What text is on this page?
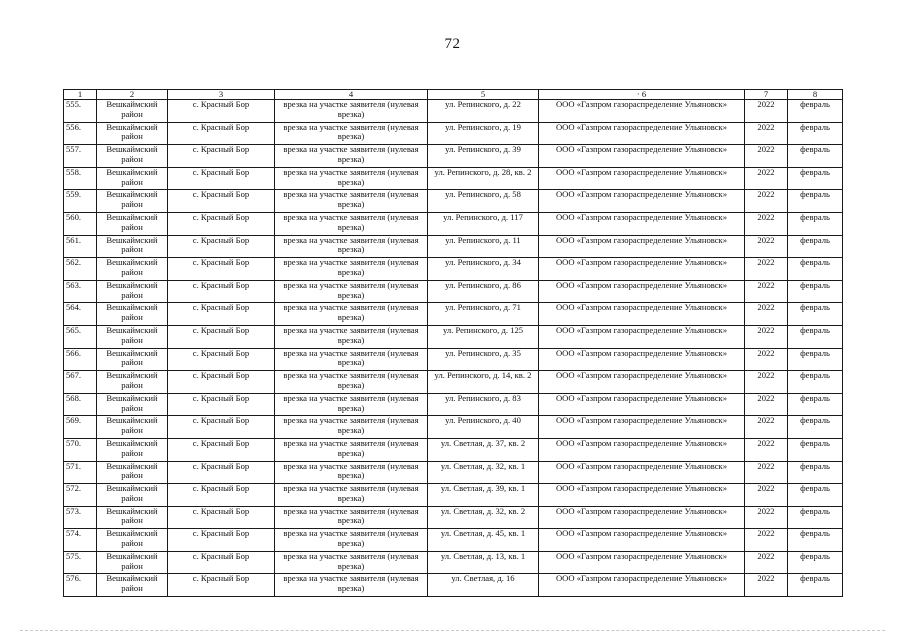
72
1	2	3	4	5	· 6	7	8
555.	Вешкаймский район	с. Красный Бор	врезка на участке заявителя (нулевая врезка)	ул. Репинского, д. 22	ООО «Газпром газораспределение Ульяновск»	2022	февраль
556.	Вешкаймский район	с. Красный Бор	врезка на участке заявителя (нулевая врезка)	ул. Репинского, д. 19	ООО «Газпром газораспределение Ульяновск»	2022	февраль
557.	Вешкаймский район	с. Красный Бор	врезка на участке заявителя (нулевая врезка)	ул. Репинского, д. 39	ООО «Газпром газораспределение Ульяновск»	2022	февраль
558.	Вешкаймский район	с. Красный Бор	врезка на участке заявителя (нулевая врезка)	ул. Репинского, д. 28, кв. 2	ООО «Газпром газораспределение Ульяновск»	2022	февраль
559.	Вешкаймский район	с. Красный Бор	врезка на участке заявителя (нулевая врезка)	ул. Репинского, д. 58	ООО «Газпром газораспределение Ульяновск»	2022	февраль
560.	Вешкаймский район	с. Красный Бор	врезка на участке заявителя (нулевая врезка)	ул. Репинского, д. 117	ООО «Газпром газораспределение Ульяновск»	2022	февраль
561.	Вешкаймский район	с. Красный Бор	врезка на участке заявителя (нулевая врезка)	ул. Репинского, д. 11	ООО «Газпром газораспределение Ульяновск»	2022	февраль
562.	Вешкаймский район	с. Красный Бор	врезка на участке заявителя (нулевая врезка)	ул. Репинского, д. 34	ООО «Газпром газораспределение Ульяновск»	2022	февраль
563.	Вешкаймский район	с. Красный Бор	врезка на участке заявителя (нулевая врезка)	ул. Репинского, д. 86	ООО «Газпром газораспределение Ульяновск»	2022	февраль
564.	Вешкаймский район	с. Красный Бор	врезка на участке заявителя (нулевая врезка)	ул. Репинского, д. 71	ООО «Газпром газораспределение Ульяновск»	2022	февраль
565.	Вешкаймский район	с. Красный Бор	врезка на участке заявителя (нулевая врезка)	ул. Репинского, д. 125	ООО «Газпром газораспределение Ульяновск»	2022	февраль
566.	Вешкаймский район	с. Красный Бор	врезка на участке заявителя (нулевая врезка)	ул. Репинского, д. 35	ООО «Газпром газораспределение Ульяновск»	2022	февраль
567.	Вешкаймский район	с. Красный Бор	врезка на участке заявителя (нулевая врезка)	ул. Репинского, д. 14, кв. 2	ООО «Газпром газораспределение Ульяновск»	2022	февраль
568.	Вешкаймский район	с. Красный Бор	врезка на участке заявителя (нулевая врезка)	ул. Репинского, д. 83	ООО «Газпром газораспределение Ульяновск»	2022	февраль
569.	Вешкаймский район	с. Красный Бор	врезка на участке заявителя (нулевая врезка)	ул. Репинского, д. 40	ООО «Газпром газораспределение Ульяновск»	2022	февраль
570.	Вешкаймский район	с. Красный Бор	врезка на участке заявителя (нулевая врезка)	ул. Светлая, д. 37, кв. 2	ООО «Газпром газораспределение Ульяновск»	2022	февраль
571.	Вешкаймский район	с. Красный Бор	врезка на участке заявителя (нулевая врезка)	ул. Светлая, д. 32, кв. 1	ООО «Газпром газораспределение Ульяновск»	2022	февраль
572.	Вешкаймский район	с. Красный Бор	врезка на участке заявителя (нулевая врезка)	ул. Светлая, д. 39, кв. 1	ООО «Газпром газораспределение Ульяновск»	2022	февраль
573.	Вешкаймский район	с. Красный Бор	врезка на участке заявителя (нулевая врезка)	ул. Светлая, д. 32, кв. 2	ООО «Газпром газораспределение Ульяновск»	2022	февраль
574.	Вешкаймский район	с. Красный Бор	врезка на участке заявителя (нулевая врезка)	ул. Светлая, д. 45, кв. 1	ООО «Газпром газораспределение Ульяновск»	2022	февраль
575.	Вешкаймский район	с. Красный Бор	врезка на участке заявителя (нулевая врезка)	ул. Светлая, д. 13, кв. 1	ООО «Газпром газораспределение Ульяновск»	2022	февраль
576.	Вешкаймский район	с. Красный Бор	врезка на участке заявителя (нулевая врезка)	ул. Светлая, д. 16	ООО «Газпром газораспределение Ульяновск»	2022	февраль
